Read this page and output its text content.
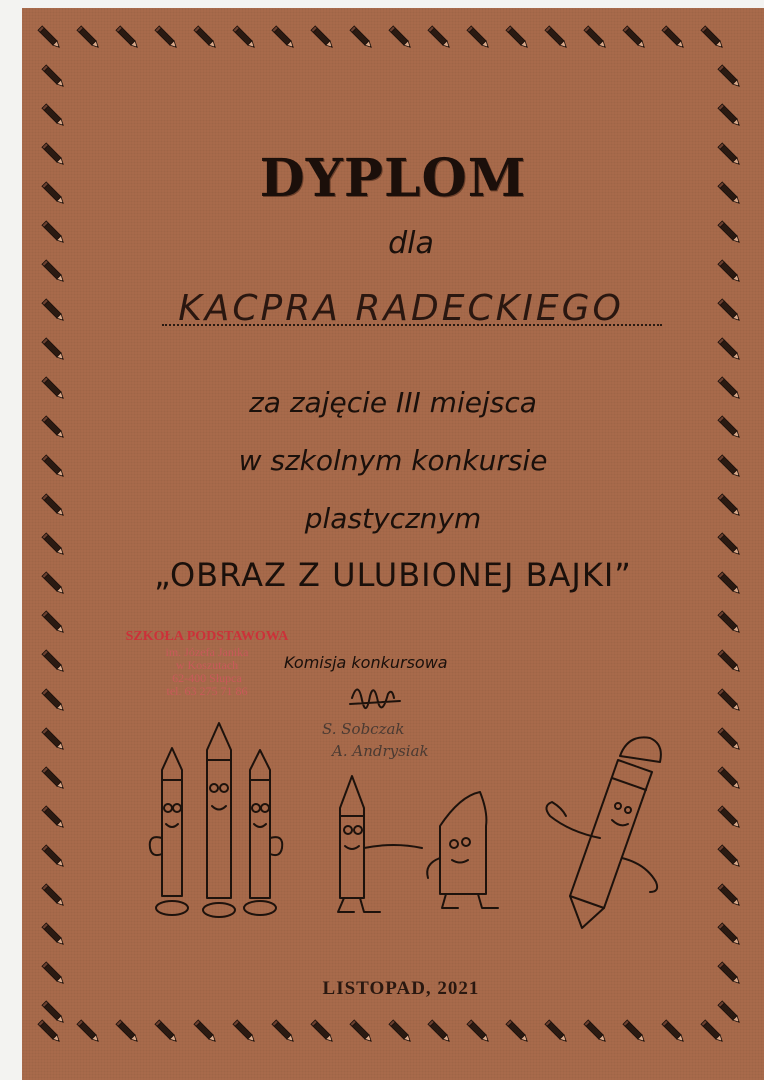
DYPLOM
dla
KACPRA RADECKIEGO
za zajęcie III miejsca
w szkolnym konkursie
plastycznym
„OBRAZ Z ULUBIONEJ BAJKI”
SZKOŁA PODSTAWOWA
im. Józefa Janika
w Koszutach
62-400 Słupca
tel. 63 275 71 86
Komisja konkursowa
S. Sobczak
A. Andrysiak
LISTOPAD, 2021
